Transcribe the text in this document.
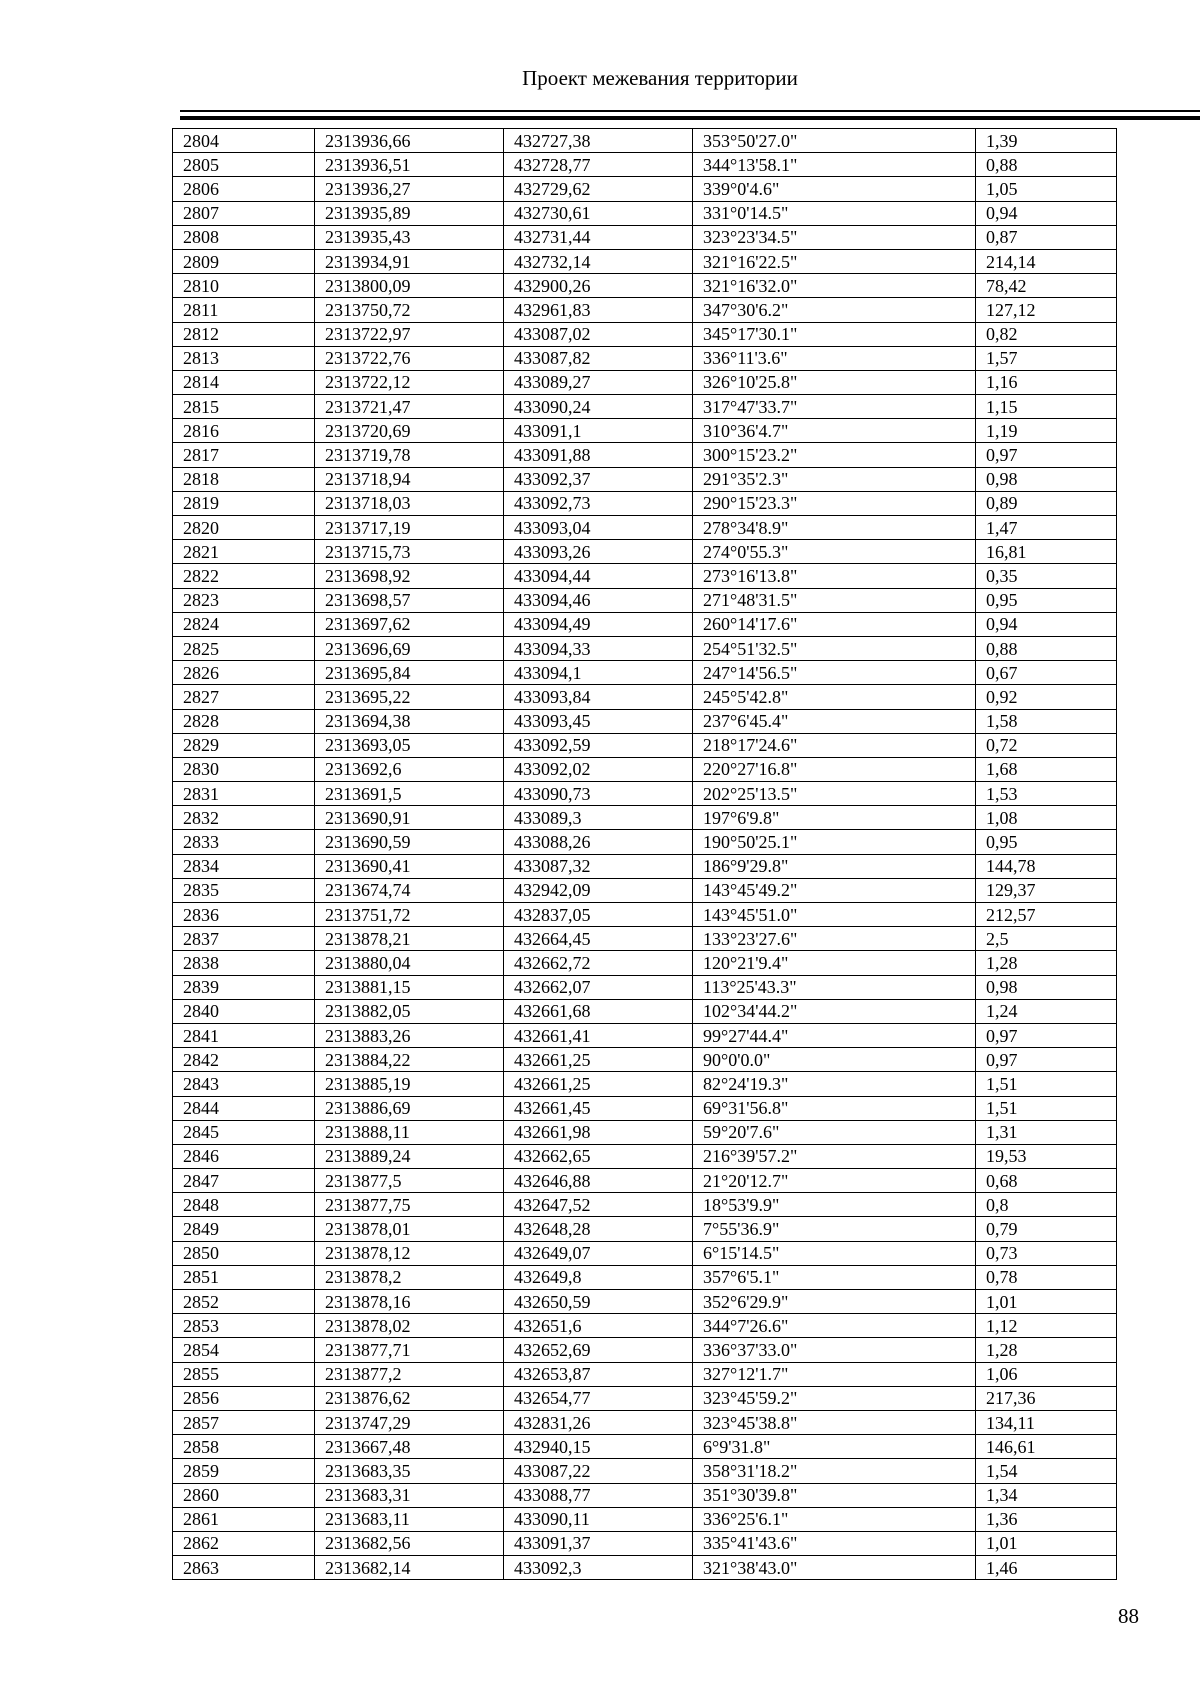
Проект межевания территории
2804	2313936,66	432727,38	353°50'27.0"	1,39
2805	2313936,51	432728,77	344°13'58.1"	0,88
2806	2313936,27	432729,62	339°0'4.6"	1,05
2807	2313935,89	432730,61	331°0'14.5"	0,94
2808	2313935,43	432731,44	323°23'34.5"	0,87
2809	2313934,91	432732,14	321°16'22.5"	214,14
2810	2313800,09	432900,26	321°16'32.0"	78,42
2811	2313750,72	432961,83	347°30'6.2"	127,12
2812	2313722,97	433087,02	345°17'30.1"	0,82
2813	2313722,76	433087,82	336°11'3.6"	1,57
2814	2313722,12	433089,27	326°10'25.8"	1,16
2815	2313721,47	433090,24	317°47'33.7"	1,15
2816	2313720,69	433091,1	310°36'4.7"	1,19
2817	2313719,78	433091,88	300°15'23.2"	0,97
2818	2313718,94	433092,37	291°35'2.3"	0,98
2819	2313718,03	433092,73	290°15'23.3"	0,89
2820	2313717,19	433093,04	278°34'8.9"	1,47
2821	2313715,73	433093,26	274°0'55.3"	16,81
2822	2313698,92	433094,44	273°16'13.8"	0,35
2823	2313698,57	433094,46	271°48'31.5"	0,95
2824	2313697,62	433094,49	260°14'17.6"	0,94
2825	2313696,69	433094,33	254°51'32.5"	0,88
2826	2313695,84	433094,1	247°14'56.5"	0,67
2827	2313695,22	433093,84	245°5'42.8"	0,92
2828	2313694,38	433093,45	237°6'45.4"	1,58
2829	2313693,05	433092,59	218°17'24.6"	0,72
2830	2313692,6	433092,02	220°27'16.8"	1,68
2831	2313691,5	433090,73	202°25'13.5"	1,53
2832	2313690,91	433089,3	197°6'9.8"	1,08
2833	2313690,59	433088,26	190°50'25.1"	0,95
2834	2313690,41	433087,32	186°9'29.8"	144,78
2835	2313674,74	432942,09	143°45'49.2"	129,37
2836	2313751,72	432837,05	143°45'51.0"	212,57
2837	2313878,21	432664,45	133°23'27.6"	2,5
2838	2313880,04	432662,72	120°21'9.4"	1,28
2839	2313881,15	432662,07	113°25'43.3"	0,98
2840	2313882,05	432661,68	102°34'44.2"	1,24
2841	2313883,26	432661,41	99°27'44.4"	0,97
2842	2313884,22	432661,25	90°0'0.0"	0,97
2843	2313885,19	432661,25	82°24'19.3"	1,51
2844	2313886,69	432661,45	69°31'56.8"	1,51
2845	2313888,11	432661,98	59°20'7.6"	1,31
2846	2313889,24	432662,65	216°39'57.2"	19,53
2847	2313877,5	432646,88	21°20'12.7"	0,68
2848	2313877,75	432647,52	18°53'9.9"	0,8
2849	2313878,01	432648,28	7°55'36.9"	0,79
2850	2313878,12	432649,07	6°15'14.5"	0,73
2851	2313878,2	432649,8	357°6'5.1"	0,78
2852	2313878,16	432650,59	352°6'29.9"	1,01
2853	2313878,02	432651,6	344°7'26.6"	1,12
2854	2313877,71	432652,69	336°37'33.0"	1,28
2855	2313877,2	432653,87	327°12'1.7"	1,06
2856	2313876,62	432654,77	323°45'59.2"	217,36
2857	2313747,29	432831,26	323°45'38.8"	134,11
2858	2313667,48	432940,15	6°9'31.8"	146,61
2859	2313683,35	433087,22	358°31'18.2"	1,54
2860	2313683,31	433088,77	351°30'39.8"	1,34
2861	2313683,11	433090,11	336°25'6.1"	1,36
2862	2313682,56	433091,37	335°41'43.6"	1,01
2863	2313682,14	433092,3	321°38'43.0"	1,46
88
